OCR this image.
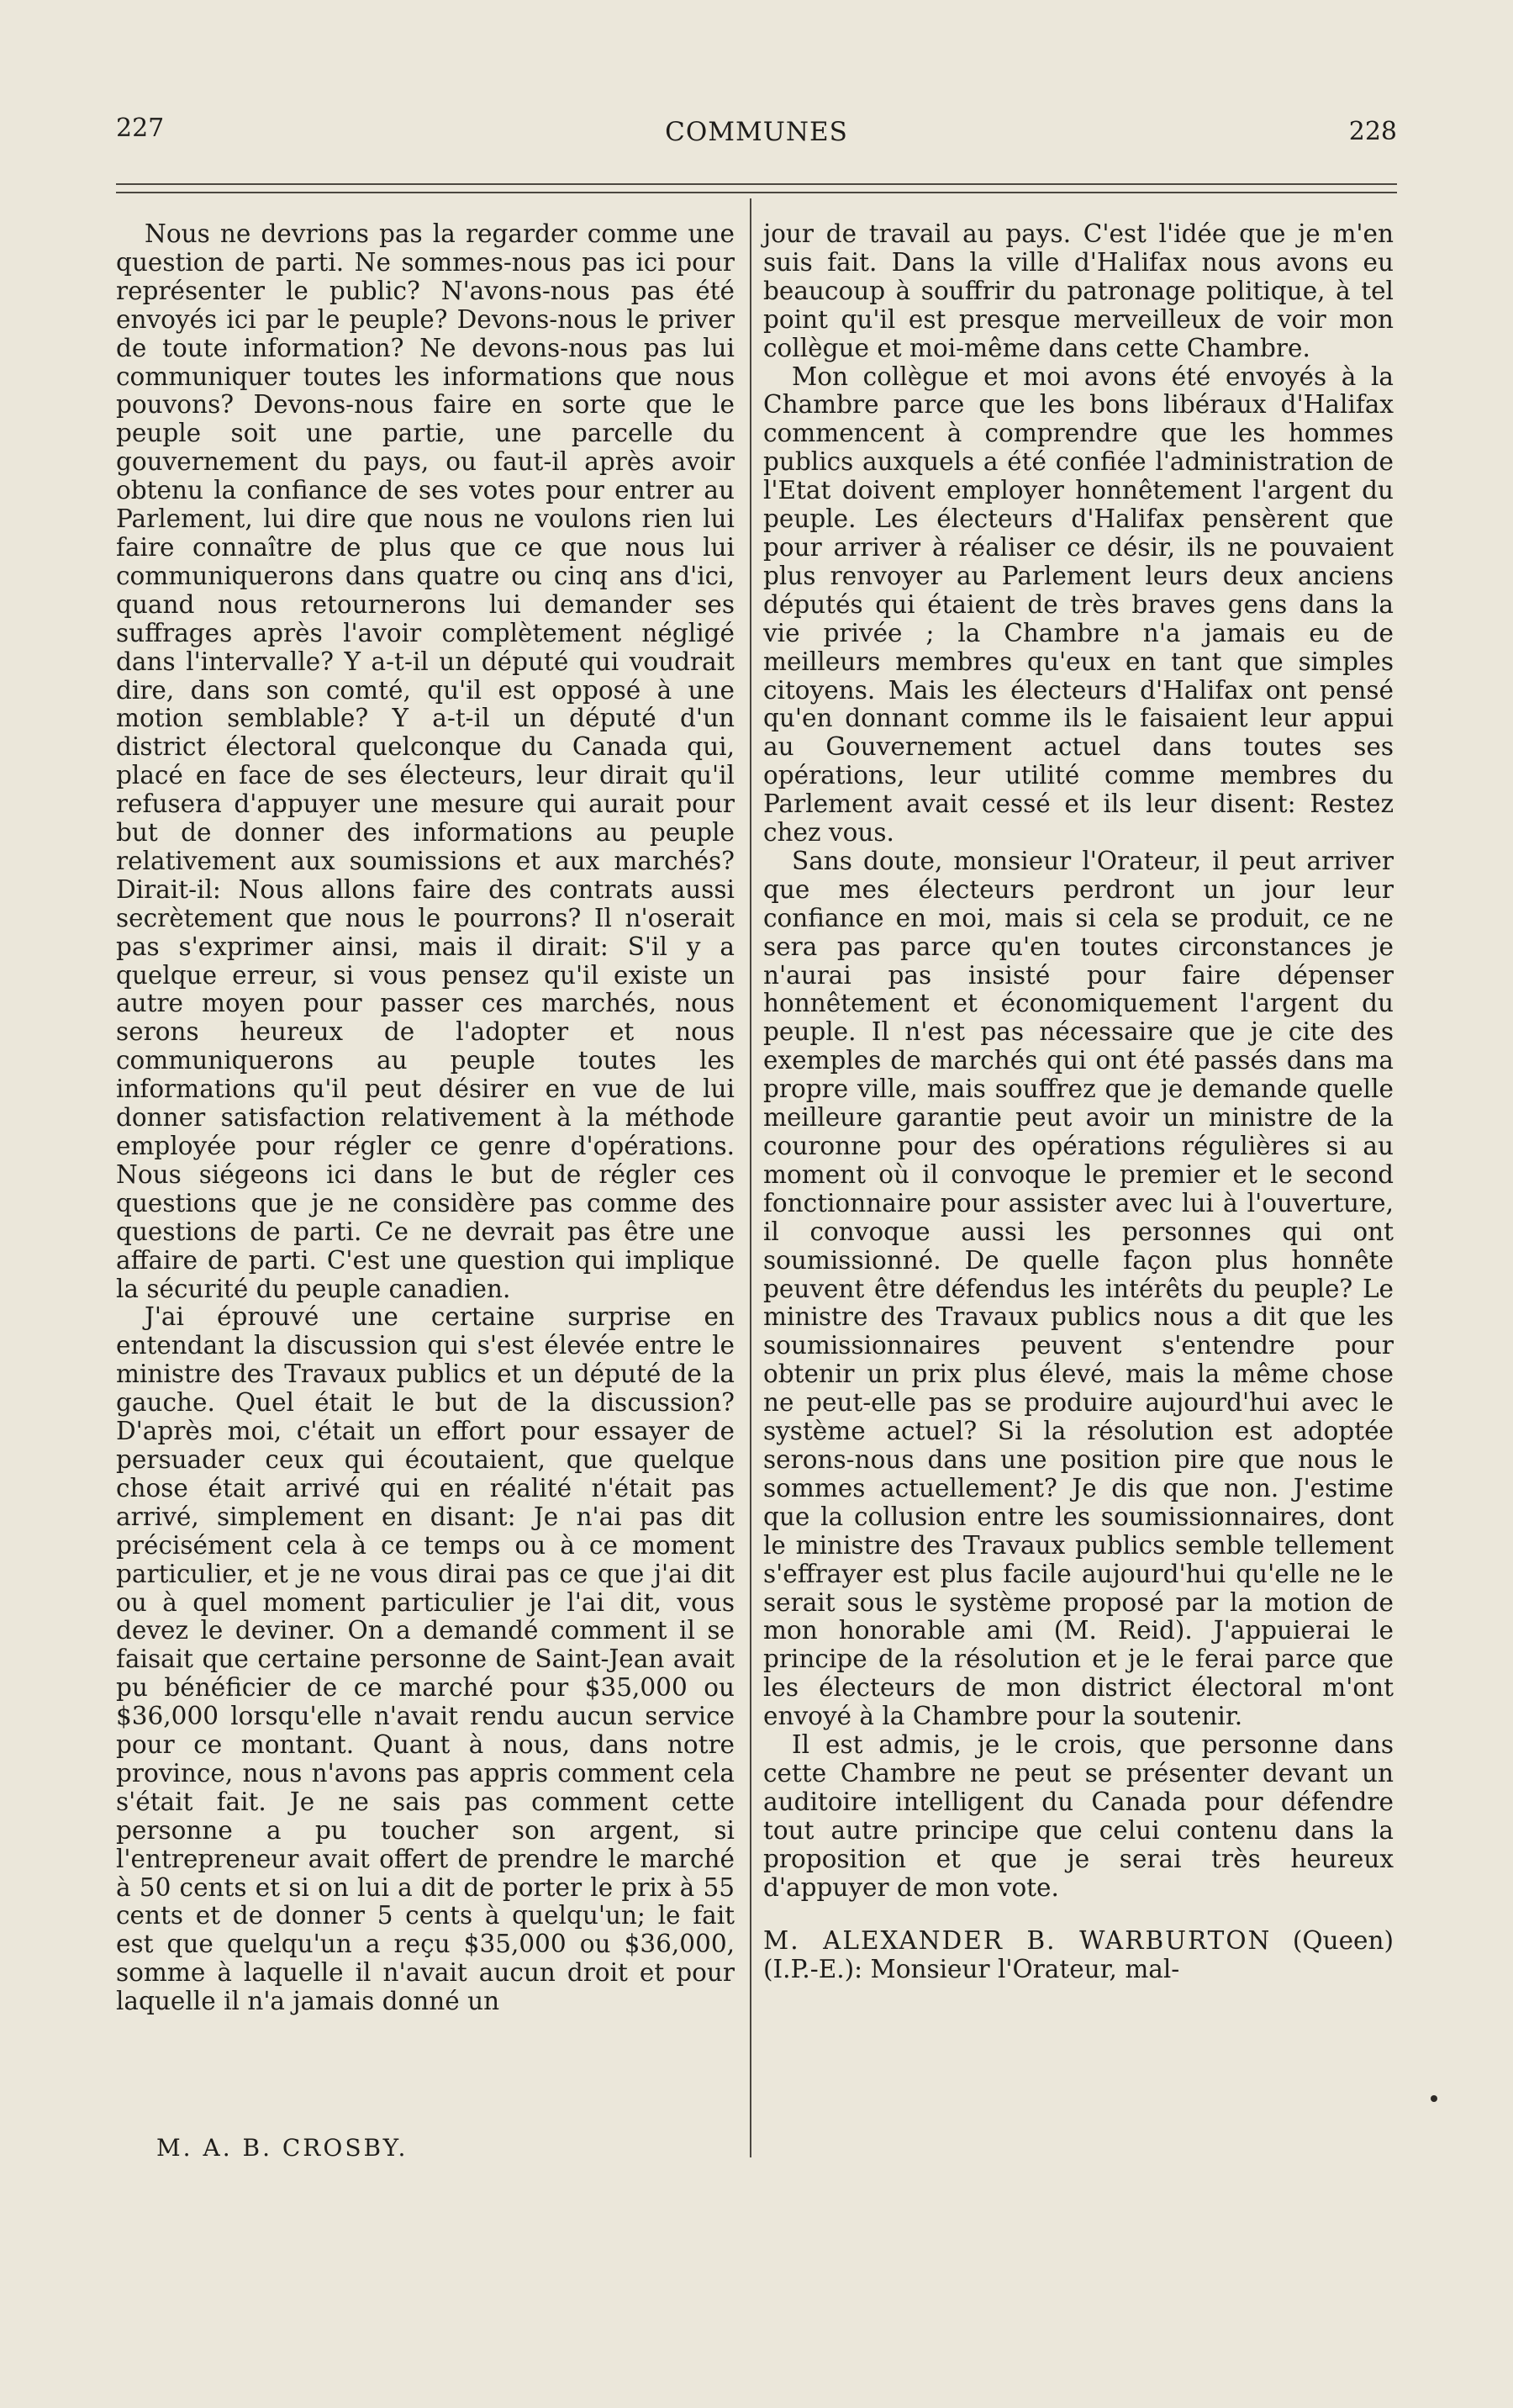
227	COMMUNES	228

Nous ne devrions pas la regarder comme une question de parti. Ne sommes-nous pas ici pour représenter le public? N'avons-nous pas été envoyés ici par le peuple? Devons-nous le priver de toute information? Ne devons-nous pas lui communiquer toutes les informations que nous pouvons? Devons-nous faire en sorte que le peuple soit une partie, une parcelle du gouvernement du pays, ou faut-il après avoir obtenu la confiance de ses votes pour entrer au Parlement, lui dire que nous ne voulons rien lui faire connaître de plus que ce que nous lui communiquerons dans quatre ou cinq ans d'ici, quand nous retournerons lui demander ses suffrages après l'avoir complètement négligé dans l'intervalle? Y a-t-il un député qui voudrait dire, dans son comté, qu'il est opposé à une motion semblable? Y a-t-il un député d'un district électoral quelconque du Canada qui, placé en face de ses électeurs, leur dirait qu'il refusera d'appuyer une mesure qui aurait pour but de donner des informations au peuple relativement aux soumissions et aux marchés? Dirait-il: Nous allons faire des contrats aussi secrètement que nous le pourrons? Il n'oserait pas s'exprimer ainsi, mais il dirait: S'il y a quelque erreur, si vous pensez qu'il existe un autre moyen pour passer ces marchés, nous serons heureux de l'adopter et nous communiquerons au peuple toutes les informations qu'il peut désirer en vue de lui donner satisfaction relativement à la méthode employée pour régler ce genre d'opérations. Nous siégeons ici dans le but de régler ces questions que je ne considère pas comme des questions de parti. Ce ne devrait pas être une affaire de parti. C'est une question qui implique la sécurité du peuple canadien.

J'ai éprouvé une certaine surprise en entendant la discussion qui s'est élevée entre le ministre des Travaux publics et un député de la gauche. Quel était le but de la discussion? D'après moi, c'était un effort pour essayer de persuader ceux qui écoutaient, que quelque chose était arrivé qui en réalité n'était pas arrivé, simplement en disant: Je n'ai pas dit précisément cela à ce temps ou à ce moment particulier, et je ne vous dirai pas ce que j'ai dit ou à quel moment particulier je l'ai dit, vous devez le deviner. On a demandé comment il se faisait que certaine personne de Saint-Jean avait pu bénéficier de ce marché pour $35,000 ou $36,000 lorsqu'elle n'avait rendu aucun service pour ce montant. Quant à nous, dans notre province, nous n'avons pas appris comment cela s'était fait. Je ne sais pas comment cette personne a pu toucher son argent, si l'entrepreneur avait offert de prendre le marché à 50 cents et si on lui a dit de porter le prix à 55 cents et de donner 5 cents à quelqu'un; le fait est que quelqu'un a reçu $35,000 ou $36,000, somme à laquelle il n'avait aucun droit et pour laquelle il n'a jamais donné un

M. A. B. CROSBY.

jour de travail au pays. C'est l'idée que je m'en suis fait. Dans la ville d'Halifax nous avons eu beaucoup à souffrir du patronage politique, à tel point qu'il est presque merveilleux de voir mon collègue et moi-même dans cette Chambre.

Mon collègue et moi avons été envoyés à la Chambre parce que les bons libéraux d'Halifax commencent à comprendre que les hommes publics auxquels a été confiée l'administration de l'Etat doivent employer honnêtement l'argent du peuple. Les électeurs d'Halifax pensèrent que pour arriver à réaliser ce désir, ils ne pouvaient plus renvoyer au Parlement leurs deux anciens députés qui étaient de très braves gens dans la vie privée ; la Chambre n'a jamais eu de meilleurs membres qu'eux en tant que simples citoyens. Mais les électeurs d'Halifax ont pensé qu'en donnant comme ils le faisaient leur appui au Gouvernement actuel dans toutes ses opérations, leur utilité comme membres du Parlement avait cessé et ils leur disent: Restez chez vous.

Sans doute, monsieur l'Orateur, il peut arriver que mes électeurs perdront un jour leur confiance en moi, mais si cela se produit, ce ne sera pas parce qu'en toutes circonstances je n'aurai pas insisté pour faire dépenser honnêtement et économiquement l'argent du peuple. Il n'est pas nécessaire que je cite des exemples de marchés qui ont été passés dans ma propre ville, mais souffrez que je demande quelle meilleure garantie peut avoir un ministre de la couronne pour des opérations régulières si au moment où il convoque le premier et le second fonctionnaire pour assister avec lui à l'ouverture, il convoque aussi les personnes qui ont soumissionné. De quelle façon plus honnête peuvent être défendus les intérêts du peuple? Le ministre des Travaux publics nous a dit que les soumissionnaires peuvent s'entendre pour obtenir un prix plus élevé, mais la même chose ne peut-elle pas se produire aujourd'hui avec le système actuel? Si la résolution est adoptée serons-nous dans une position pire que nous le sommes actuellement? Je dis que non. J'estime que la collusion entre les soumissionnaires, dont le ministre des Travaux publics semble tellement s'effrayer est plus facile aujourd'hui qu'elle ne le serait sous le système proposé par la motion de mon honorable ami (M. Reid). J'appuierai le principe de la résolution et je le ferai parce que les électeurs de mon district électoral m'ont envoyé à la Chambre pour la soutenir.

Il est admis, je le crois, que personne dans cette Chambre ne peut se présenter devant un auditoire intelligent du Canada pour défendre tout autre principe que celui contenu dans la proposition et que je serai très heureux d'appuyer de mon vote.

M. ALEXANDER B. WARBURTON (Queen) (I.P.-E.): Monsieur l'Orateur, mal-
